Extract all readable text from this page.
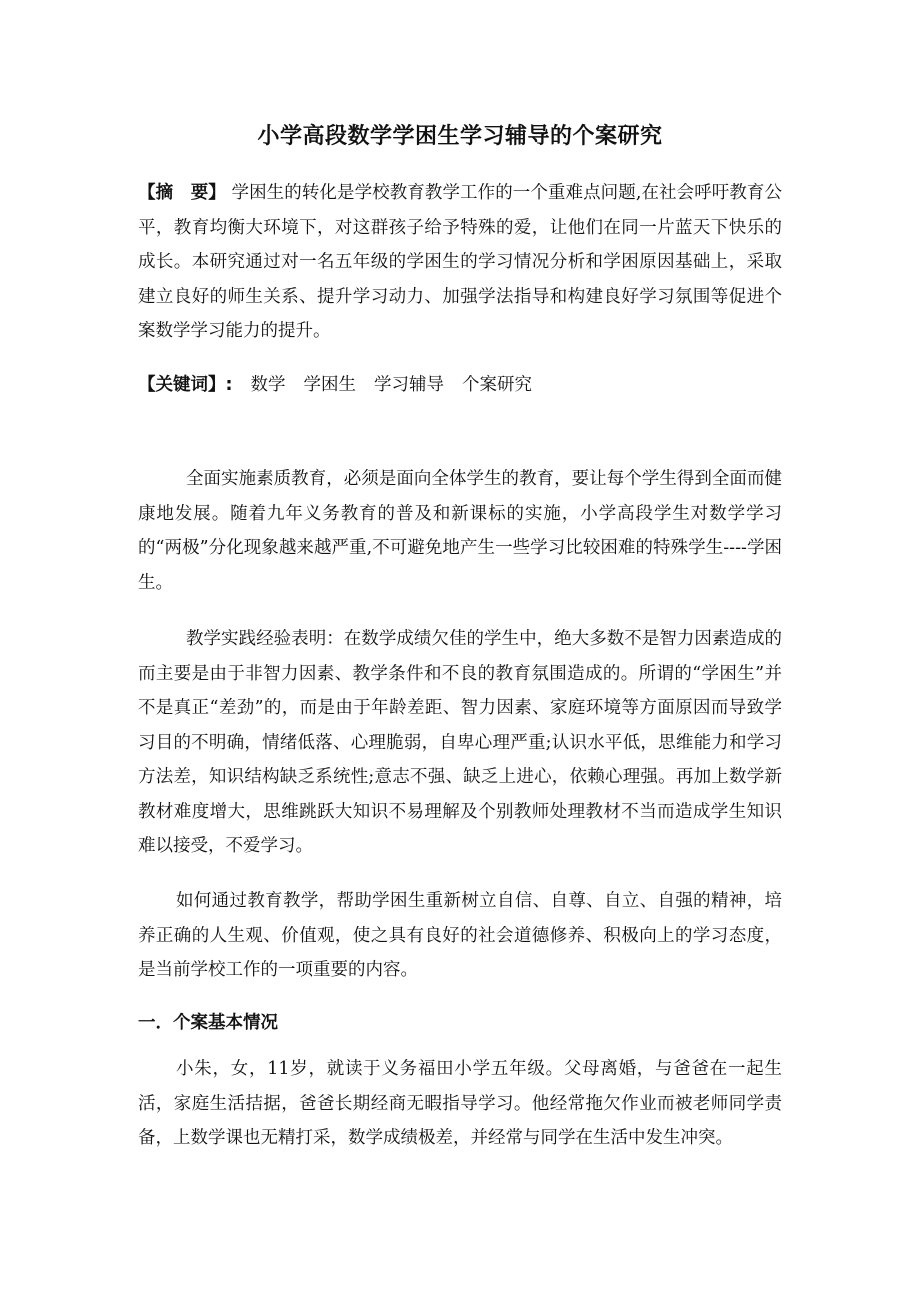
小学高段数学学困生学习辅导的个案研究
【摘　要】 学困生的转化是学校教育教学工作的一个重难点问题,在社会呼吁教育公平，教育均衡大环境下，对这群孩子给予特殊的爱，让他们在同一片蓝天下快乐的成长。本研究通过对一名五年级的学困生的学习情况分析和学困原因基础上，采取建立良好的师生关系、提升学习动力、加强学法指导和构建良好学习氛围等促进个案数学学习能力的提升。
【关键词】: 数学 学困生 学习辅导 个案研究
全面实施素质教育，必须是面向全体学生的教育，要让每个学生得到全面而健康地发展。随着九年义务教育的普及和新课标的实施，小学高段学生对数学学习的“两极”分化现象越来越严重,不可避免地产生一些学习比较困难的特殊学生----学困生。
教学实践经验表明：在数学成绩欠佳的学生中，绝大多数不是智力因素造成的而主要是由于非智力因素、教学条件和不良的教育氛围造成的。所谓的“学困生”并不是真正“差劲”的，而是由于年龄差距、智力因素、家庭环境等方面原因而导致学习目的不明确，情绪低落、心理脆弱，自卑心理严重;认识水平低，思维能力和学习方法差，知识结构缺乏系统性;意志不强、缺乏上进心，依赖心理强。再加上数学新教材难度增大，思维跳跃大知识不易理解及个别教师处理教材不当而造成学生知识难以接受，不爱学习。
如何通过教育教学，帮助学困生重新树立自信、自尊、自立、自强的精神，培养正确的人生观、价值观，使之具有良好的社会道德修养、积极向上的学习态度，是当前学校工作的一项重要的内容。
一．个案基本情况
小朱，女，11岁，就读于义务福田小学五年级。父母离婚，与爸爸在一起生活，家庭生活拮据，爸爸长期经商无暇指导学习。他经常拖欠作业而被老师同学责备，上数学课也无精打采，数学成绩极差，并经常与同学在生活中发生冲突。
